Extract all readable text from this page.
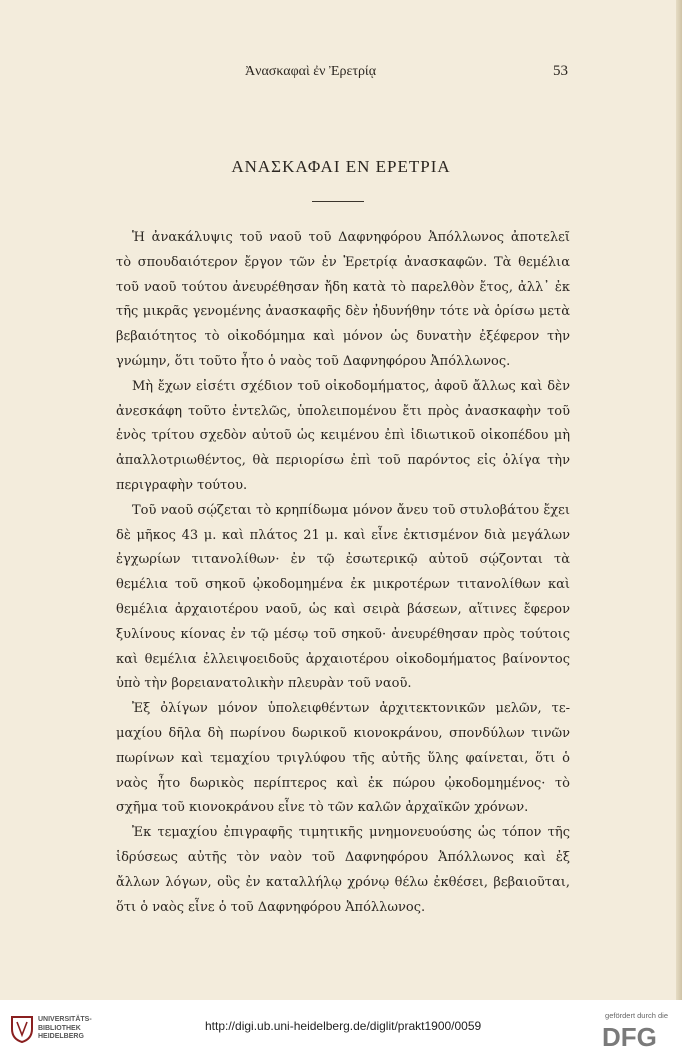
Ἀνασκαφαὶ ἐν Ἐρετρίᾳ	53
ΑΝΑΣΚΑΦΑΙ ΕΝ ΕΡΕΤΡΙΑ

Ἡ ἀνακάλυψις τοῦ ναοῦ τοῦ Δαφνηφόρου Ἀπόλλωνος ἀποτελεῖ τὸ σπουδαιότερον ἔργον τῶν ἐν Ἐρετρίᾳ ἀνασκαφῶν. Τὰ θεμέλια τοῦ ναοῦ τούτου ἀνευρέθησαν ἤδη κατὰ τὸ παρελθὸν ἔτος, ἀλλ᾽ ἐκ τῆς μικρᾶς γενομένης ἀνασκαφῆς δὲν ἠδυνήθην τότε νὰ ὁρίσω μετὰ βεβαιότητος τὸ οἰκοδόμημα καὶ μόνον ὡς δυνατὴν ἐξέφερον τὴν γνώμην, ὅτι τοῦτο ἦτο ὁ ναὸς τοῦ Δαφνηφόρου Ἀπόλλωνος.

Μὴ ἔχων εἰσέτι σχέδιον τοῦ οἰκοδομήματος, ἀφοῦ ἄλλως καὶ δὲν ἀνεσκάφη τοῦτο ἐντελῶς, ὑπολειπομένου ἔτι πρὸς ἀνασκαφὴν τοῦ ἑνὸς τρίτου σχεδὸν αὐτοῦ ὡς κειμένου ἐπὶ ἰδιωτικοῦ οἰκοπέδου μὴ ἀπαλλοτριωθέντος, θὰ περιορίσω ἐπὶ τοῦ παρόντος εἰς ὀλίγα τὴν περιγραφὴν τούτου.

Τοῦ ναοῦ σῴζεται τὸ κρηπίδωμα μόνον ἄνευ τοῦ στυλοβάτου ἔχει δὲ μῆκος 43 μ. καὶ πλάτος 21 μ. καὶ εἶνε ἐκτισμένον διὰ μεγάλων ἐγχωρίων τιτανολίθων· ἐν τῷ ἐσωτερικῷ αὐτοῦ σῴζονται τὰ θεμέλια τοῦ σηκοῦ ᾠκοδομημένα ἐκ μικροτέρων τιτανολίθων καὶ θεμέλια ἀρχαιοτέρου ναοῦ, ὡς καὶ σειρὰ βάσεων, αἵτινες ἔφερον ξυλίνους κίονας ἐν τῷ μέσῳ τοῦ σηκοῦ· ἀνευρέθησαν πρὸς τούτοις καὶ θεμέλια ἐλλειψοειδοῦς ἀρχαιοτέρου οἰκοδομήματος βαίνοντος ὑπὸ τὴν βορειανατολικὴν πλευρὰν τοῦ ναοῦ.

Ἐξ ὀλίγων μόνον ὑπολειφθέντων ἀρχιτεκτονικῶν μελῶν, τεμαχίου δῆλα δὴ πωρίνου δωρικοῦ κιονοκράνου, σπονδύλων τινῶν πωρίνων καὶ τεμαχίου τριγλύφου τῆς αὐτῆς ὕλης φαίνεται, ὅτι ὁ ναὸς ἦτο δωρικὸς περίπτερος καὶ ἐκ πώρου ᾠκοδομημένος· τὸ σχῆμα τοῦ κιονοκράνου εἶνε τὸ τῶν καλῶν ἀρχαϊκῶν χρόνων.

Ἐκ τεμαχίου ἐπιγραφῆς τιμητικῆς μνημονευούσης ὡς τόπον τῆς ἱδρύσεως αὐτῆς τὸν ναὸν τοῦ Δαφνηφόρου Ἀπόλλωνος καὶ ἐξ ἄλλων λόγων, οὓς ἐν καταλλήλῳ χρόνῳ θέλω ἐκθέσει, βεβαιοῦται, ὅτι ὁ ναὸς εἶνε ὁ τοῦ Δαφνηφόρου Ἀπόλλωνος.

UNIVERSITÄTS-
BIBLIOTHEK
HEIDELBERG
http://digi.ub.uni-heidelberg.de/diglit/prakt1900/0059
gefördert durch die
DFG
